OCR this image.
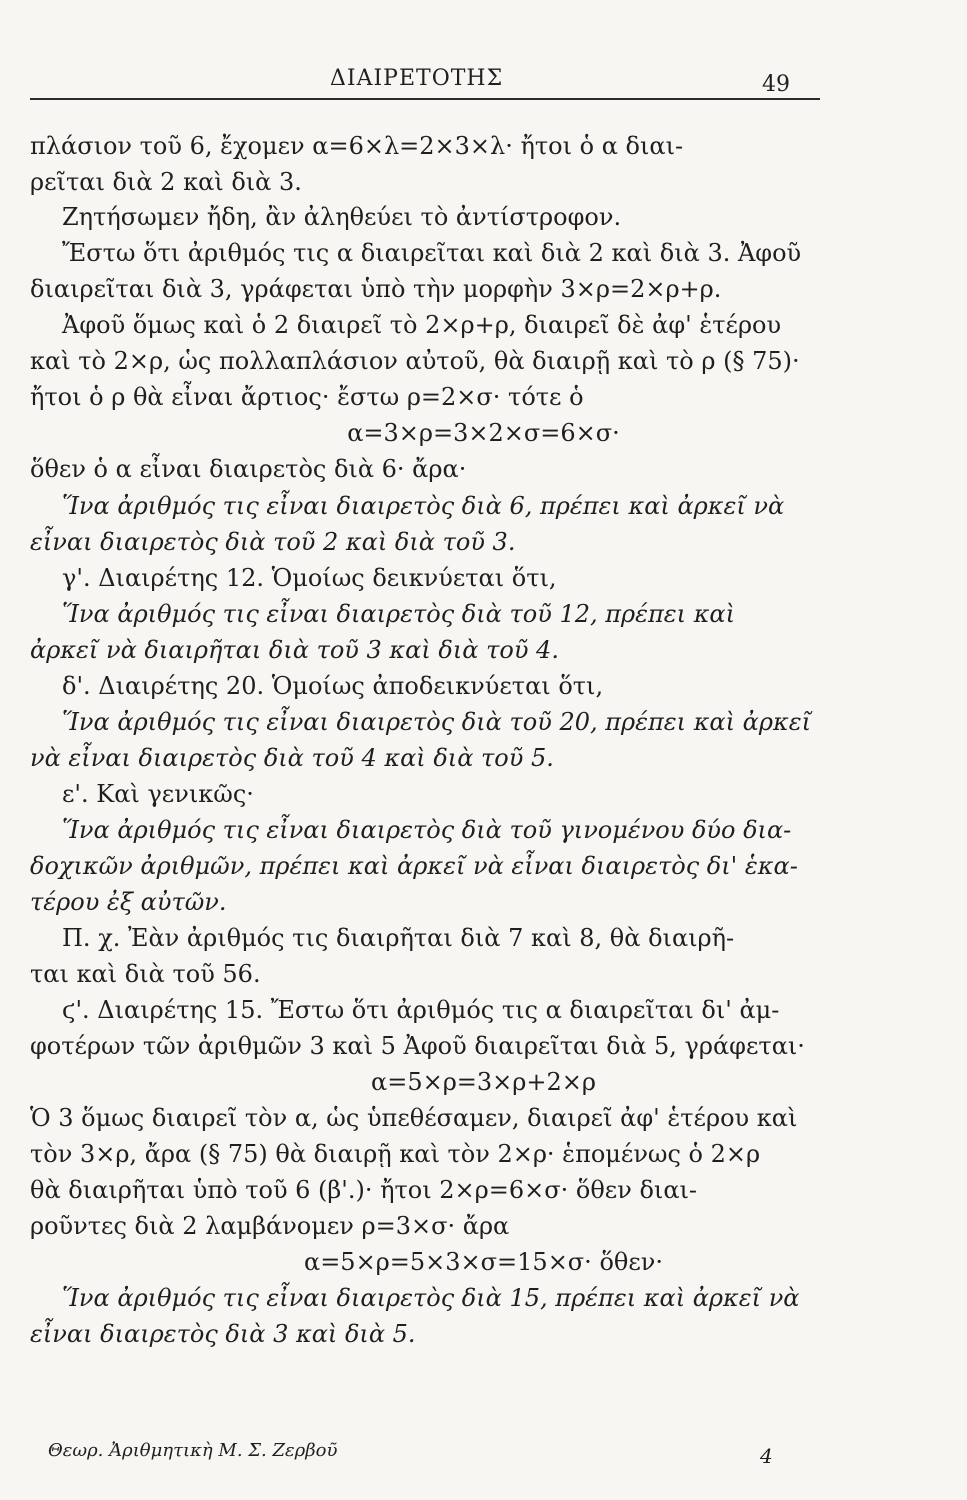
ΔΙΑΙΡΕΤΟΤΗΣ	49
πλάσιον τοῦ 6, ἔχομεν α=6×λ=2×3×λ· ἤτοι ὁ α διαι-
ρεῖται διὰ 2 καὶ διὰ 3.
Ζητήσωμεν ἤδη, ἂν ἀληθεύει τὸ ἀντίστροφον.
Ἔστω ὅτι ἀριθμός τις α διαιρεῖται καὶ διὰ 2 καὶ διὰ 3. Ἀφοῦ
διαιρεῖται διὰ 3, γράφεται ὑπὸ τὴν μορφὴν 3×ρ=2×ρ+ρ.
Ἀφοῦ ὅμως καὶ ὁ 2 διαιρεῖ τὸ 2×ρ+ρ, διαιρεῖ δὲ ἀφ' ἑτέρου
καὶ τὸ 2×ρ, ὡς πολλαπλάσιον αὐτοῦ, θὰ διαιρῇ καὶ τὸ ρ (§ 75)·
ἤτοι ὁ ρ θὰ εἶναι ἄρτιος· ἔστω ρ=2×σ· τότε ὁ
α=3×ρ=3×2×σ=6×σ·
ὅθεν ὁ α εἶναι διαιρετὸς διὰ 6· ἄρα·
Ἵνα ἀριθμός τις εἶναι διαιρετὸς διὰ 6, πρέπει καὶ ἀρκεῖ νὰ
εἶναι διαιρετὸς διὰ τοῦ 2 καὶ διὰ τοῦ 3.
γ'. Διαιρέτης 12. Ὁμοίως δεικνύεται ὅτι,
Ἵνα ἀριθμός τις εἶναι διαιρετὸς διὰ τοῦ 12, πρέπει καὶ
ἀρκεῖ νὰ διαιρῆται διὰ τοῦ 3 καὶ διὰ τοῦ 4.
δ'. Διαιρέτης 20. Ὁμοίως ἀποδεικνύεται ὅτι,
Ἵνα ἀριθμός τις εἶναι διαιρετὸς διὰ τοῦ 20, πρέπει καὶ ἀρκεῖ
νὰ εἶναι διαιρετὸς διὰ τοῦ 4 καὶ διὰ τοῦ 5.
ε'. Καὶ γενικῶς·
Ἵνα ἀριθμός τις εἶναι διαιρετὸς διὰ τοῦ γινομένου δύο δια-
δοχικῶν ἀριθμῶν, πρέπει καὶ ἀρκεῖ νὰ εἶναι διαιρετὸς δι' ἑκα-
τέρου ἐξ αὐτῶν.
Π. χ. Ἐὰν ἀριθμός τις διαιρῆται διὰ 7 καὶ 8, θὰ διαιρῆ-
ται καὶ διὰ τοῦ 56.
ϛ'. Διαιρέτης 15. Ἔστω ὅτι ἀριθμός τις α διαιρεῖται δι' ἀμ-
φοτέρων τῶν ἀριθμῶν 3 καὶ 5 Ἀφοῦ διαιρεῖται διὰ 5, γράφεται·
α=5×ρ=3×ρ+2×ρ
Ὁ 3 ὅμως διαιρεῖ τὸν α, ὡς ὑπεθέσαμεν, διαιρεῖ ἀφ' ἑτέρου καὶ
τὸν 3×ρ, ἄρα (§ 75) θὰ διαιρῇ καὶ τὸν 2×ρ· ἑπομένως ὁ 2×ρ
θὰ διαιρῆται ὑπὸ τοῦ 6 (β'.)· ἤτοι 2×ρ=6×σ· ὅθεν διαι-
ροῦντες διὰ 2 λαμβάνομεν ρ=3×σ· ἄρα
α=5×ρ=5×3×σ=15×σ· ὅθεν·
Ἵνα ἀριθμός τις εἶναι διαιρετὸς διὰ 15, πρέπει καὶ ἀρκεῖ νὰ
εἶναι διαιρετὸς διὰ 3 καὶ διὰ 5.
Θεωρ. Ἀριθμητικὴ Μ. Σ. Ζερβοῦ	4
